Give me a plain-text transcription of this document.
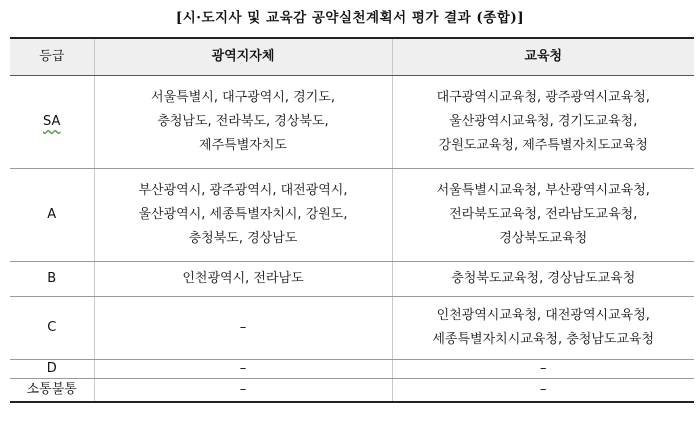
[시·도지사 및 교육감 공약실천계획서 평가 결과 (종합)]
등급	광역지자체	교육청
SA	서울특별시, 대구광역시, 경기도,
충청남도, 전라북도, 경상북도,
제주특별자치도	대구광역시교육청, 광주광역시교육청,
울산광역시교육청, 경기도교육청,
강원도교육청, 제주특별자치도교육청

A	부산광역시, 광주광역시, 대전광역시,
울산광역시, 세종특별자치시, 강원도,
충청북도, 경상남도	서울특별시교육청, 부산광역시교육청,
전라북도교육청, 전라남도교육청,
경상북도교육청

B	인천광역시, 전라남도	충청북도교육청, 경상남도교육청

C	–	인천광역시교육청, 대전광역시교육청,
세종특별자치시교육청, 충청남도교육청

D	–	–

소통불통	–	–
